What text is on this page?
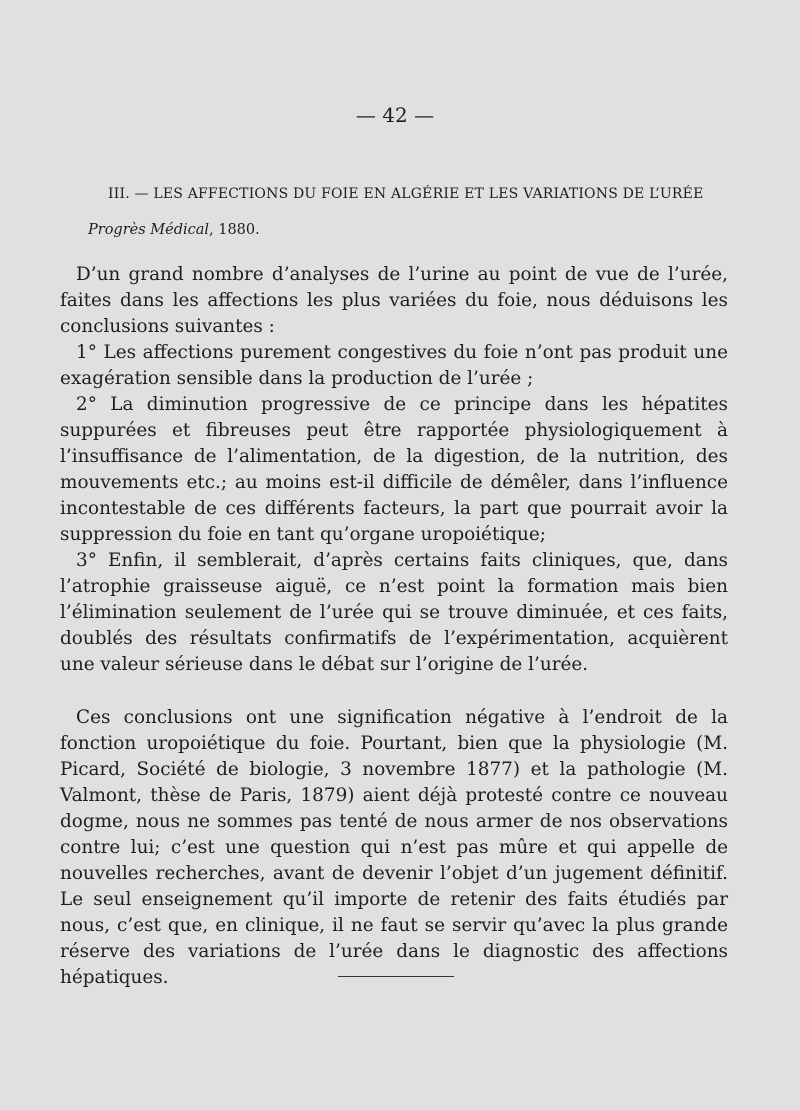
— 42 —
III. — LES AFFECTIONS DU FOIE EN ALGÉRIE ET LES VARIATIONS DE L’URÉE
Progrès Médical, 1880.

D’un grand nombre d’analyses de l’urine au point de vue de l’urée, faites dans les affections les plus variées du foie, nous déduisons les conclusions suivantes :

1° Les affections purement congestives du foie n’ont pas produit une exagération sensible dans la production de l’urée ;

2° La diminution progressive de ce principe dans les hépatites suppurées et fibreuses peut être rapportée physiologiquement à l’insuffisance de l’alimentation, de la digestion, de la nutrition, des mouvements etc.; au moins est-il difficile de démêler, dans l’influence incontestable de ces différents facteurs, la part que pourrait avoir la suppression du foie en tant qu’organe uropoiétique;

3° Enfin, il semblerait, d’après certains faits cliniques, que, dans l’atrophie graisseuse aiguë, ce n’est point la formation mais bien l’élimination seulement de l’urée qui se trouve diminuée, et ces faits, doublés des résultats confirmatifs de l’expérimentation, acquièrent une valeur sérieuse dans le débat sur l’origine de l’urée.

Ces conclusions ont une signification négative à l’endroit de la fonction uropoiétique du foie. Pourtant, bien que la physiologie (M. Picard, Société de biologie, 3 novembre 1877) et la pathologie (M. Valmont, thèse de Paris, 1879) aient déjà protesté contre ce nouveau dogme, nous ne sommes pas tenté de nous armer de nos observations contre lui; c’est une question qui n’est pas mûre et qui appelle de nouvelles recherches, avant de devenir l’objet d’un jugement définitif. Le seul enseignement qu’il importe de retenir des faits étudiés par nous, c’est que, en clinique, il ne faut se servir qu’avec la plus grande réserve des variations de l’urée dans le diagnostic des affections hépatiques.
